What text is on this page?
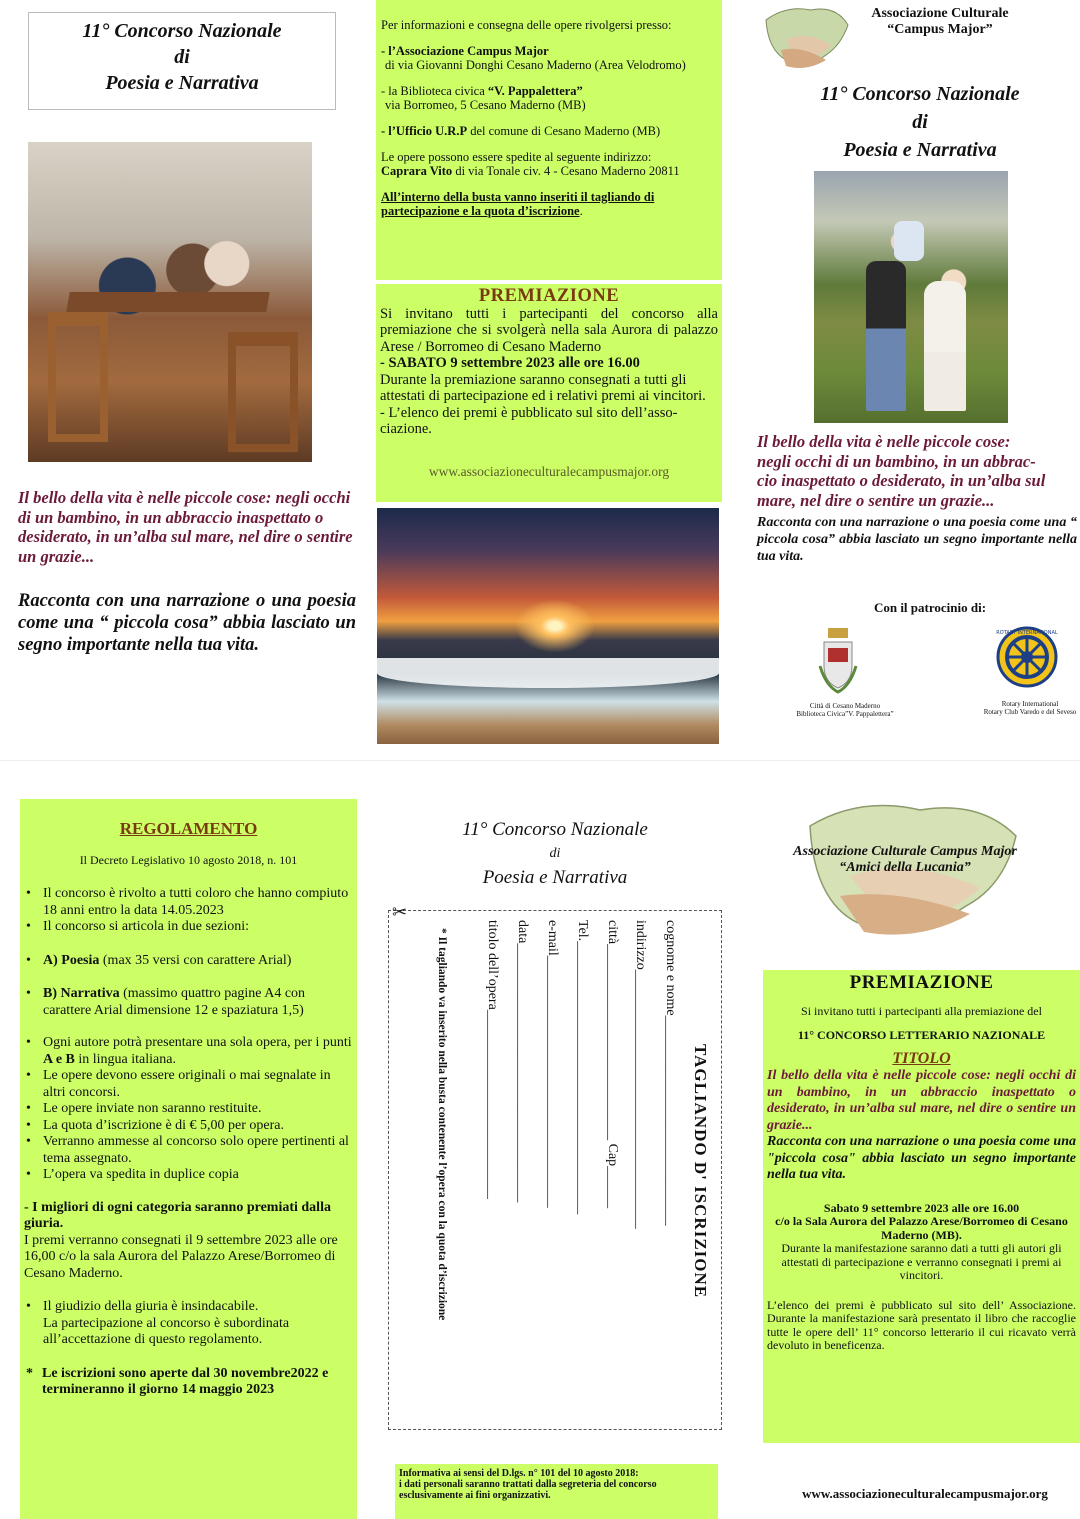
11° Concorso Nazionale
di
Poesia e Narrativa
Il bello della vita è nelle piccole cose: negli occhi di un bambino, in un abbraccio inaspettato o desiderato, in un’alba sul mare, nel dire o sentire un grazie...
Racconta con una narrazione o una poesia come una “ piccola cosa” abbia lasciato un segno importante nella tua vita.

Per informazioni e consegna delle opere rivolgersi presso:

- l’Associazione Campus Major
di via Giovanni Donghi Cesano Maderno (Area Velodromo)

- la Biblioteca civica “V. Pappalettera”
via Borromeo, 5 Cesano Maderno (MB)

- l’Ufficio U.R.P del comune di Cesano Maderno (MB)

Le opere possono essere spedite al seguente indirizzo:
Caprara Vito di via Tonale civ. 4 - Cesano Maderno 20811

All’interno della busta vanno inseriti il tagliando di partecipazione e la quota d’iscrizione.

PREMIAZIONE
Si invitano tutti i partecipanti del concorso alla premiazione che si svolgerà nella sala Aurora di palazzo Arese / Borromeo di Cesano Maderno
- SABATO 9 settembre 2023 alle ore 16.00
Durante la premiazione saranno consegnati a tutti gli attestati di partecipazione ed i relativi premi ai vincitori.
- L’elenco dei premi è pubblicato sul sito dell’associazione.
www.associazioneculturalecampusmajor.org
Associazione Culturale
“Campus Major”
11° Concorso Nazionale
di
Poesia e Narrativa
Il bello della vita è nelle piccole cose:
negli occhi di un bambino, in un abbrac-
cio inaspettato o desiderato, in un’alba sul
mare, nel dire o sentire un grazie...
Racconta con una narrazione o una poesia come una “ piccola cosa” abbia lasciato un segno importante nella tua vita.
Con il patrocinio di:
ROTARY INTERNATIONAL
Città di Cesano Maderno
Biblioteca Civica”V. Pappalettera”
Rotary International
Rotary Club Varedo e del Seveso
REGOLAMENTO
Il Decreto Legislativo 10 agosto 2018, n. 101
• Il concorso è rivolto a tutti coloro che hanno compiuto 18 anni entro la data 14.05.2023
• Il concorso si articola in due sezioni:
• A) Poesia (max 35 versi con carattere Arial)
• B) Narrativa (massimo quattro pagine A4 con carattere Arial dimensione 12 e spaziatura 1,5)
• Ogni autore potrà presentare una sola opera, per i punti A e B in lingua italiana.
• Le opere devono essere originali o mai segnalate in altri concorsi.
• Le opere inviate non saranno restituite.
• La quota d’iscrizione è di € 5,00 per opera.
• Verranno ammesse al concorso solo opere pertinenti al tema assegnato.
• L’opera va spedita in duplice copia
- I migliori di ogni categoria saranno premiati dalla giuria.
I premi verranno consegnati il 9 settembre 2023 alle ore 16,00 c/o la sala Aurora del Palazzo Arese/Borromeo di Cesano Maderno.
• Il giudizio della giuria è insindacabile.
La partecipazione al concorso è subordinata all’accettazione di questo regolamento.
* Le iscrizioni sono aperte dal 30 novembre2022 e termineranno il giorno 14 maggio 2023
11° Concorso Nazionale
di
Poesia e Narrativa
✂
TAGLIANDO D' ISCRIZIONE
cognome e nome______________________________
indirizzo_____________________________________
città____________________________ Cap______
Tel._______________________________________
e-mail____________________________________
data_____________________________________
titolo dell’opera___________________________
* Il tagliando va inserito nella busta contenente l’opera con la quota d’iscrizione
Informativa ai sensi del D.lgs. n° 101 del 10 agosto 2018:
i dati personali saranno trattati dalla segreteria del concorso esclusivamente ai fini organizzativi.
Associazione Culturale Campus Major
“Amici della Lucania”
PREMIAZIONE
Si invitano tutti i partecipanti alla premiazione del
11° CONCORSO LETTERARIO NAZIONALE
TITOLO
Il bello della vita è nelle piccole cose: negli occhi di un bambino, in un abbraccio inaspettato o desiderato, in un’alba sul mare, nel dire o sentire un grazie...
Racconta con una narrazione o una poesia come una "piccola cosa" abbia lasciato un segno importante nella tua vita.
Sabato 9 settembre 2023 alle ore 16.00
c/o la Sala Aurora del Palazzo Arese/Borromeo di Cesano Maderno (MB).
Durante la manifestazione saranno dati a tutti gli autori gli attestati di partecipazione e verranno consegnati i premi ai vincitori.
L’elenco dei premi è pubblicato sul sito dell’ Associazione. Durante la manifestazione sarà presentato il libro che raccoglie tutte le opere dell’ 11° concorso letterario il cui ricavato verrà devoluto in beneficenza.
www.associazioneculturalecampusmajor.org
